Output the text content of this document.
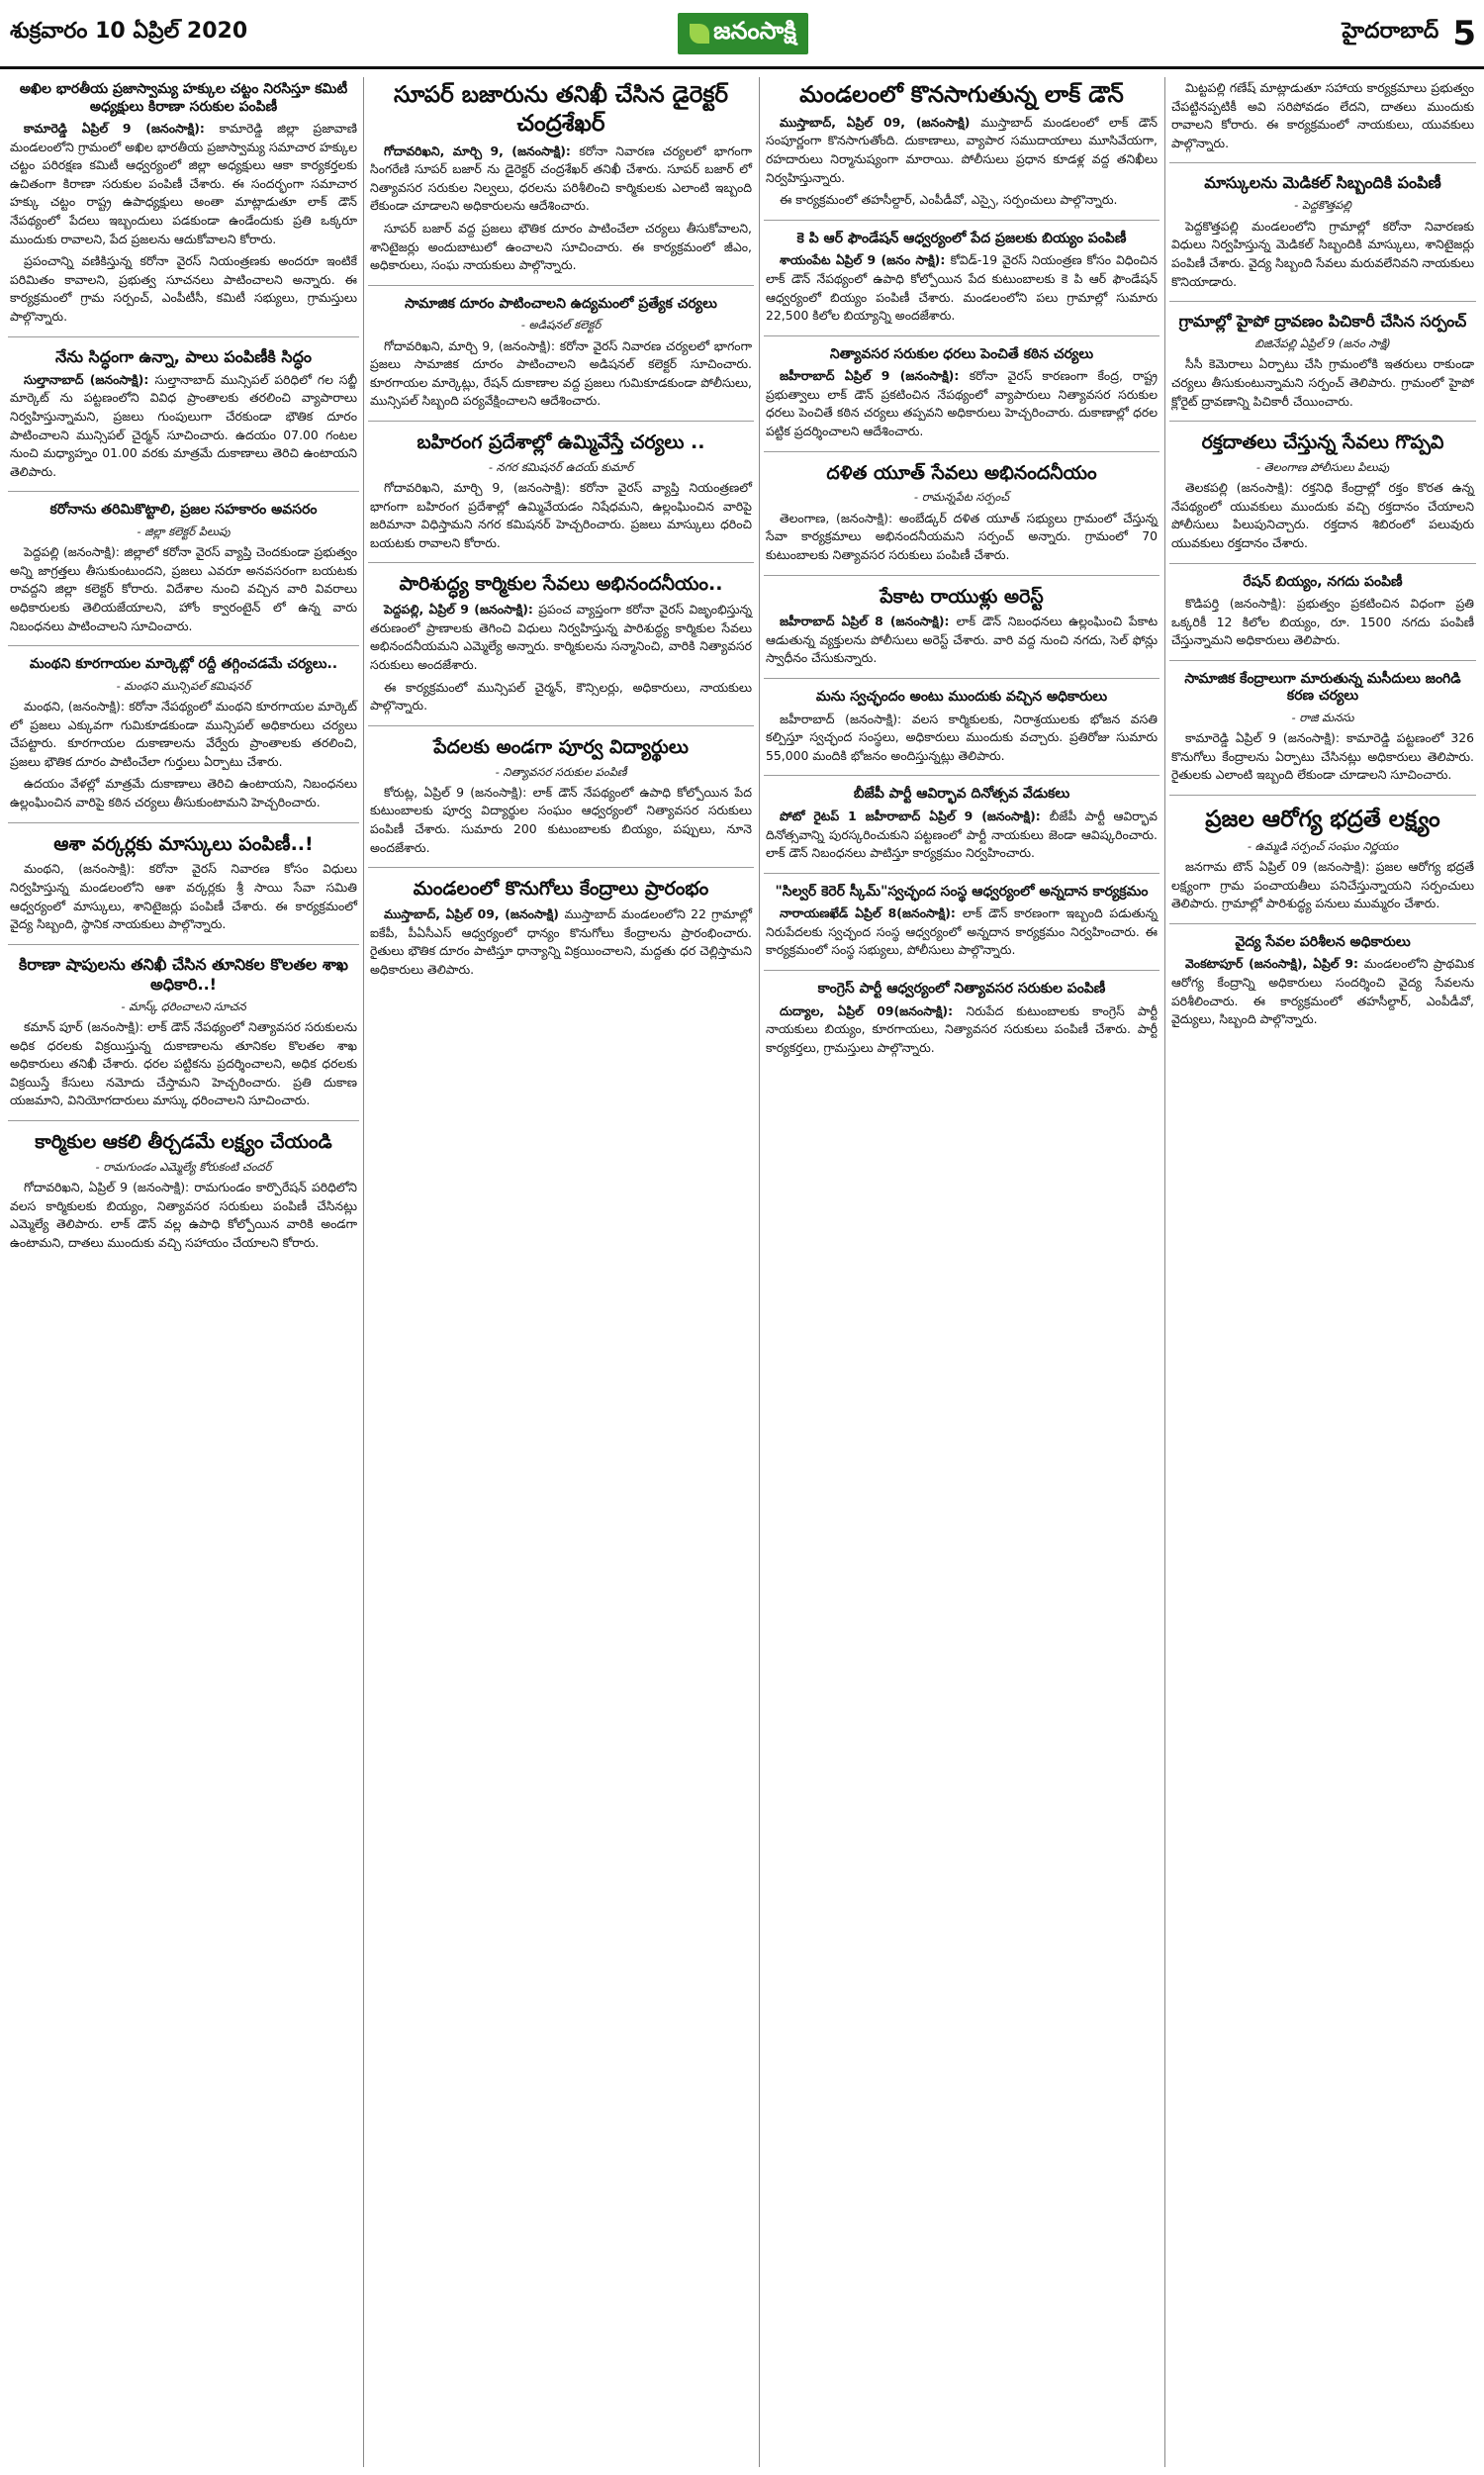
శుక్రవారం 10 ఏప్రిల్ 2020	జనంసాక్షి	హైదరాబాద్ 5
అఖిల భారతీయ ప్రజాస్వామ్య హక్కుల చట్టం నిరసిస్తూ కమిటీ అధ్యక్షులు కిరాణా సరుకుల పంపిణీ

కామారెడ్డి ఏప్రిల్ 9 (జనంసాక్షి): కామారెడ్డి జిల్లా ప్రజావాణి మండలంలోని గ్రామంలో అఖిల భారతీయ ప్రజాస్వామ్య సమాచార హక్కుల చట్టం పరిరక్షణ కమిటీ ఆధ్వర్యంలో జిల్లా అధ్యక్షులు ఆకా కార్యకర్తలకు ఉచితంగా కిరాణా సరుకుల పంపిణీ చేశారు. ఈ సందర్భంగా సమాచార హక్కు చట్టం రాష్ట్ర ఉపాధ్యక్షులు అంతా మాట్లాడుతూ లాక్ డౌన్ నేపథ్యంలో పేదలు ఇబ్బందులు పడకుండా ఉండేందుకు ప్రతి ఒక్కరూ ముందుకు రావాలని, పేద ప్రజలను ఆదుకోవాలని కోరారు.

ప్రపంచాన్ని వణికిస్తున్న కరోనా వైరస్ నియంత్రణకు అందరూ ఇంటికే పరిమితం కావాలని, ప్రభుత్వ సూచనలు పాటించాలని అన్నారు. ఈ కార్యక్రమంలో గ్రామ సర్పంచ్, ఎంపీటీసీ, కమిటీ సభ్యులు, గ్రామస్తులు పాల్గొన్నారు.

నేను సిద్ధంగా ఉన్నా, పాలు పంపిణీకి సిద్ధం

సుల్తానాబాద్ (జనంసాక్షి): సుల్తానాబాద్ మున్సిపల్ పరిధిలో గల సబ్జీ మార్కెట్ ను పట్టణంలోని వివిధ ప్రాంతాలకు తరలించి వ్యాపారాలు నిర్వహిస్తున్నామని, ప్రజలు గుంపులుగా చేరకుండా భౌతిక దూరం పాటించాలని మున్సిపల్ చైర్మన్ సూచించారు. ఉదయం 07.00 గంటల నుంచి మధ్యాహ్నం 01.00 వరకు మాత్రమే దుకాణాలు తెరిచి ఉంటాయని తెలిపారు.

కరోనాను తరిమికొట్టాలి, ప్రజల సహకారం అవసరం
- జిల్లా కలెక్టర్ పిలుపు

పెద్దపల్లి (జనంసాక్షి): జిల్లాలో కరోనా వైరస్ వ్యాప్తి చెందకుండా ప్రభుత్వం అన్ని జాగ్రత్తలు తీసుకుంటుందని, ప్రజలు ఎవరూ అనవసరంగా బయటకు రావద్దని జిల్లా కలెక్టర్ కోరారు. విదేశాల నుంచి వచ్చిన వారి వివరాలు అధికారులకు తెలియజేయాలని, హోం క్వారంటైన్ లో ఉన్న వారు నిబంధనలు పాటించాలని సూచించారు.

మంథని కూరగాయల మార్కెట్లో రద్దీ తగ్గించడమే చర్యలు..
- మంథని మున్సిపల్ కమిషనర్

మంథని, (జనంసాక్షి): కరోనా నేపథ్యంలో మంథని కూరగాయల మార్కెట్ లో ప్రజలు ఎక్కువగా గుమికూడకుండా మున్సిపల్ అధికారులు చర్యలు చేపట్టారు. కూరగాయల దుకాణాలను వేర్వేరు ప్రాంతాలకు తరలించి, ప్రజలు భౌతిక దూరం పాటించేలా గుర్తులు ఏర్పాటు చేశారు.

ఉదయం వేళల్లో మాత్రమే దుకాణాలు తెరిచి ఉంటాయని, నిబంధనలు ఉల్లంఘించిన వారిపై కఠిన చర్యలు తీసుకుంటామని హెచ్చరించారు.

ఆశా వర్కర్లకు మాస్కులు పంపిణీ..!

మంథని, (జనంసాక్షి): కరోనా వైరస్ నివారణ కోసం విధులు నిర్వహిస్తున్న మండలంలోని ఆశా వర్కర్లకు శ్రీ సాయి సేవా సమితి ఆధ్వర్యంలో మాస్కులు, శానిటైజర్లు పంపిణీ చేశారు. ఈ కార్యక్రమంలో వైద్య సిబ్బంది, స్థానిక నాయకులు పాల్గొన్నారు.

కిరాణా షాపులను తనిఖీ చేసిన తూనికల కొలతల శాఖ అధికారి..!
- మాస్క్ ధరించాలని సూచన

కమాన్ పూర్ (జనంసాక్షి): లాక్ డౌన్ నేపథ్యంలో నిత్యావసర సరుకులను అధిక ధరలకు విక్రయిస్తున్న దుకాణాలను తూనికల కొలతల శాఖ అధికారులు తనిఖీ చేశారు. ధరల పట్టికను ప్రదర్శించాలని, అధిక ధరలకు విక్రయిస్తే కేసులు నమోదు చేస్తామని హెచ్చరించారు. ప్రతి దుకాణ యజమాని, వినియోగదారులు మాస్కు ధరించాలని సూచించారు.

కార్మికుల ఆకలి తీర్చడమే లక్ష్యం చేయండి
- రామగుండం ఎమ్మెల్యే కోరుకంటి చందర్

గోదావరిఖని, ఏప్రిల్ 9 (జనంసాక్షి): రామగుండం కార్పొరేషన్ పరిధిలోని వలస కార్మికులకు బియ్యం, నిత్యావసర సరుకులు పంపిణీ చేసినట్లు ఎమ్మెల్యే తెలిపారు. లాక్ డౌన్ వల్ల ఉపాధి కోల్పోయిన వారికి అండగా ఉంటామని, దాతలు ముందుకు వచ్చి సహాయం చేయాలని కోరారు.

సూపర్ బజారును తనిఖీ చేసిన డైరెక్టర్ చంద్రశేఖర్

గోదావరిఖని, మార్చి 9, (జనంసాక్షి): కరోనా నివారణ చర్యలలో భాగంగా సింగరేణి సూపర్ బజార్ ను డైరెక్టర్ చంద్రశేఖర్ తనిఖీ చేశారు. సూపర్ బజార్ లో నిత్యావసర సరుకుల నిల్వలు, ధరలను పరిశీలించి కార్మికులకు ఎలాంటి ఇబ్బంది లేకుండా చూడాలని అధికారులను ఆదేశించారు.

సూపర్ బజార్ వద్ద ప్రజలు భౌతిక దూరం పాటించేలా చర్యలు తీసుకోవాలని, శానిటైజర్లు అందుబాటులో ఉంచాలని సూచించారు. ఈ కార్యక్రమంలో జీఎం, అధికారులు, సంఘ నాయకులు పాల్గొన్నారు.

సామాజిక దూరం పాటించాలని ఉద్యమంలో ప్రత్యేక చర్యలు
- అడిషనల్ కలెక్టర్

గోదావరిఖని, మార్చి 9, (జనంసాక్షి): కరోనా వైరస్ నివారణ చర్యలలో భాగంగా ప్రజలు సామాజిక దూరం పాటించాలని అడిషనల్ కలెక్టర్ సూచించారు. కూరగాయల మార్కెట్లు, రేషన్ దుకాణాల వద్ద ప్రజలు గుమికూడకుండా పోలీసులు, మున్సిపల్ సిబ్బంది పర్యవేక్షించాలని ఆదేశించారు.

బహిరంగ ప్రదేశాల్లో ఉమ్మివేస్తే చర్యలు ..
- నగర కమిషనర్ ఉదయ్ కుమార్

గోదావరిఖని, మార్చి 9, (జనంసాక్షి): కరోనా వైరస్ వ్యాప్తి నియంత్రణలో భాగంగా బహిరంగ ప్రదేశాల్లో ఉమ్మివేయడం నిషేధమని, ఉల్లంఘించిన వారిపై జరిమానా విధిస్తామని నగర కమిషనర్ హెచ్చరించారు. ప్రజలు మాస్కులు ధరించి బయటకు రావాలని కోరారు.

పారిశుద్ధ్య కార్మికుల సేవలు అభినందనీయం..

పెద్దపల్లి, ఏప్రిల్ 9 (జనంసాక్షి): ప్రపంచ వ్యాప్తంగా కరోనా వైరస్ విజృంభిస్తున్న తరుణంలో ప్రాణాలకు తెగించి విధులు నిర్వహిస్తున్న పారిశుద్ధ్య కార్మికుల సేవలు అభినందనీయమని ఎమ్మెల్యే అన్నారు. కార్మికులను సన్మానించి, వారికి నిత్యావసర సరుకులు అందజేశారు.

ఈ కార్యక్రమంలో మున్సిపల్ చైర్మన్, కౌన్సిలర్లు, అధికారులు, నాయకులు పాల్గొన్నారు.

పేదలకు అండగా పూర్వ విద్యార్థులు
- నిత్యావసర సరుకుల పంపిణీ

కోరుట్ల, ఏప్రిల్ 9 (జనంసాక్షి): లాక్ డౌన్ నేపథ్యంలో ఉపాధి కోల్పోయిన పేద కుటుంబాలకు పూర్వ విద్యార్థుల సంఘం ఆధ్వర్యంలో నిత్యావసర సరుకులు పంపిణీ చేశారు. సుమారు 200 కుటుంబాలకు బియ్యం, పప్పులు, నూనె అందజేశారు.

మండలంలో కొనుగోలు కేంద్రాలు ప్రారంభం

ముస్తాబాద్, ఏప్రిల్ 09, (జనంసాక్షి) ముస్తాబాద్ మండలంలోని 22 గ్రామాల్లో ఐకేపీ, పీఏసీఎస్ ఆధ్వర్యంలో ధాన్యం కొనుగోలు కేంద్రాలను ప్రారంభించారు. రైతులు భౌతిక దూరం పాటిస్తూ ధాన్యాన్ని విక్రయించాలని, మద్దతు ధర చెల్లిస్తామని అధికారులు తెలిపారు.

మండలంలో కొనసాగుతున్న లాక్ డౌన్

ముస్తాబాద్, ఏప్రిల్ 09, (జనంసాక్షి) ముస్తాబాద్ మండలంలో లాక్ డౌన్ సంపూర్ణంగా కొనసాగుతోంది. దుకాణాలు, వ్యాపార సముదాయాలు మూసివేయగా, రహదారులు నిర్మానుష్యంగా మారాయి. పోలీసులు ప్రధాన కూడళ్ల వద్ద తనిఖీలు నిర్వహిస్తున్నారు.

ఈ కార్యక్రమంలో తహసీల్దార్, ఎంపీడీవో, ఎస్సై, సర్పంచులు పాల్గొన్నారు.

కె పి ఆర్ ఫౌండేషన్ ఆధ్వర్యంలో పేద ప్రజలకు బియ్యం పంపిణీ

శాయంపేట ఏప్రిల్ 9 (జనం సాక్షి): కోవిడ్-19 వైరస్ నియంత్రణ కోసం విధించిన లాక్ డౌన్ నేపథ్యంలో ఉపాధి కోల్పోయిన పేద కుటుంబాలకు కె పి ఆర్ ఫౌండేషన్ ఆధ్వర్యంలో బియ్యం పంపిణీ చేశారు. మండలంలోని పలు గ్రామాల్లో సుమారు 22,500 కిలోల బియ్యాన్ని అందజేశారు.

నిత్యావసర సరుకుల ధరలు పెంచితే కఠిన చర్యలు

జహీరాబాద్ ఏప్రిల్ 9 (జనంసాక్షి): కరోనా వైరస్ కారణంగా కేంద్ర, రాష్ట్ర ప్రభుత్వాలు లాక్ డౌన్ ప్రకటించిన నేపథ్యంలో వ్యాపారులు నిత్యావసర సరుకుల ధరలు పెంచితే కఠిన చర్యలు తప్పవని అధికారులు హెచ్చరించారు. దుకాణాల్లో ధరల పట్టిక ప్రదర్శించాలని ఆదేశించారు.

దళిత యూత్ సేవలు అభినందనీయం
- రామన్నపేట సర్పంచ్

తెలంగాణ, (జనంసాక్షి): అంబేడ్కర్ దళిత యూత్ సభ్యులు గ్రామంలో చేస్తున్న సేవా కార్యక్రమాలు అభినందనీయమని సర్పంచ్ అన్నారు. గ్రామంలో 70 కుటుంబాలకు నిత్యావసర సరుకులు పంపిణీ చేశారు.

పేకాట రాయుళ్లు అరెస్ట్

జహీరాబాద్ ఏప్రిల్ 8 (జనంసాక్షి): లాక్ డౌన్ నిబంధనలు ఉల్లంఘించి పేకాట ఆడుతున్న వ్యక్తులను పోలీసులు అరెస్ట్ చేశారు. వారి వద్ద నుంచి నగదు, సెల్ ఫోన్లు స్వాధీనం చేసుకున్నారు.

మను స్వచ్ఛందం అంటు ముందుకు వచ్చిన అధికారులు

జహీరాబాద్ (జనంసాక్షి): వలస కార్మికులకు, నిరాశ్రయులకు భోజన వసతి కల్పిస్తూ స్వచ్ఛంద సంస్థలు, అధికారులు ముందుకు వచ్చారు. ప్రతిరోజు సుమారు 55,000 మందికి భోజనం అందిస్తున్నట్లు తెలిపారు.

బీజేపీ పార్టీ ఆవిర్భావ దినోత్సవ వేడుకలు

పోటో రైటప్ 1 జహీరాబాద్ ఏప్రిల్ 9 (జనంసాక్షి): బీజేపీ పార్టీ ఆవిర్భావ దినోత్సవాన్ని పురస్కరించుకుని పట్టణంలో పార్టీ నాయకులు జెండా ఆవిష్కరించారు. లాక్ డౌన్ నిబంధనలు పాటిస్తూ కార్యక్రమం నిర్వహించారు.

"సిల్వర్ కెరెర్ స్కీమ్"స్వచ్ఛంద సంస్థ ఆధ్వర్యంలో అన్నదాన కార్యక్రమం

నారాయణఖేడ్ ఏప్రిల్ 8(జనంసాక్షి): లాక్ డౌన్ కారణంగా ఇబ్బంది పడుతున్న నిరుపేదలకు స్వచ్ఛంద సంస్థ ఆధ్వర్యంలో అన్నదాన కార్యక్రమం నిర్వహించారు. ఈ కార్యక్రమంలో సంస్థ సభ్యులు, పోలీసులు పాల్గొన్నారు.

కాంగ్రెస్ పార్టీ ఆధ్వర్యంలో నిత్యావసర సరుకుల పంపిణీ

దుద్యాల, ఏప్రిల్ 09(జనంసాక్షి): నిరుపేద కుటుంబాలకు కాంగ్రెస్ పార్టీ నాయకులు బియ్యం, కూరగాయలు, నిత్యావసర సరుకులు పంపిణీ చేశారు. పార్టీ కార్యకర్తలు, గ్రామస్తులు పాల్గొన్నారు.

మిట్టపల్లి గణేష్ మాట్లాడుతూ సహాయ కార్యక్రమాలు ప్రభుత్వం చేపట్టినప్పటికీ అవి సరిపోవడం లేదని, దాతలు ముందుకు రావాలని కోరారు. ఈ కార్యక్రమంలో నాయకులు, యువకులు పాల్గొన్నారు.

మాస్కులను మెడికల్ సిబ్బందికి పంపిణీ
- పెద్దకొత్తపల్లి

పెద్దకొత్తపల్లి మండలంలోని గ్రామాల్లో కరోనా నివారణకు విధులు నిర్వహిస్తున్న మెడికల్ సిబ్బందికి మాస్కులు, శానిటైజర్లు పంపిణీ చేశారు. వైద్య సిబ్బంది సేవలు మరువలేనివని నాయకులు కొనియాడారు.

గ్రామాల్లో హైపో ద్రావణం పిచికారీ చేసిన సర్పంచ్
బిజినేపల్లి ఏప్రిల్ 9 (జనం సాక్షి)

సీసీ కెమెరాలు ఏర్పాటు చేసి గ్రామంలోకి ఇతరులు రాకుండా చర్యలు తీసుకుంటున్నామని సర్పంచ్ తెలిపారు. గ్రామంలో హైపో క్లోరైట్ ద్రావణాన్ని పిచికారీ చేయించారు.

రక్తదాతలు చేస్తున్న సేవలు గొప్పవి
- తెలంగాణ పోలీసులు పిలుపు

తెలకపల్లి (జనంసాక్షి): రక్తనిధి కేంద్రాల్లో రక్తం కొరత ఉన్న నేపథ్యంలో యువకులు ముందుకు వచ్చి రక్తదానం చేయాలని పోలీసులు పిలుపునిచ్చారు. రక్తదాన శిబిరంలో పలువురు యువకులు రక్తదానం చేశారు.

రేషన్ బియ్యం, నగదు పంపిణీ

కొడిపర్తి (జనంసాక్షి): ప్రభుత్వం ప్రకటించిన విధంగా ప్రతి ఒక్కరికీ 12 కిలోల బియ్యం, రూ. 1500 నగదు పంపిణీ చేస్తున్నామని అధికారులు తెలిపారు.

సామాజిక కేంద్రాలుగా మారుతున్న మసీదులు జంగిడి కరణ చర్యలు
- రాజి మనసు

కామారెడ్డి ఏప్రిల్ 9 (జనంసాక్షి): కామారెడ్డి పట్టణంలో 326 కొనుగోలు కేంద్రాలను ఏర్పాటు చేసినట్లు అధికారులు తెలిపారు. రైతులకు ఎలాంటి ఇబ్బంది లేకుండా చూడాలని సూచించారు.

ప్రజల ఆరోగ్య భద్రతే లక్ష్యం
- ఉమ్మడి సర్పంచ్ సంఘం నిర్ణయం

జనగామ టౌన్ ఏప్రిల్ 09 (జనంసాక్షి): ప్రజల ఆరోగ్య భద్రతే లక్ష్యంగా గ్రామ పంచాయతీలు పనిచేస్తున్నాయని సర్పంచులు తెలిపారు. గ్రామాల్లో పారిశుద్ధ్య పనులు ముమ్మరం చేశారు.

వైద్య సేవల పరిశీలన అధికారులు

వెంకటాపూర్ (జనంసాక్షి), ఏప్రిల్ 9: మండలంలోని ప్రాథమిక ఆరోగ్య కేంద్రాన్ని అధికారులు సందర్శించి వైద్య సేవలను పరిశీలించారు. ఈ కార్యక్రమంలో తహసీల్దార్, ఎంపీడీవో, వైద్యులు, సిబ్బంది పాల్గొన్నారు.
